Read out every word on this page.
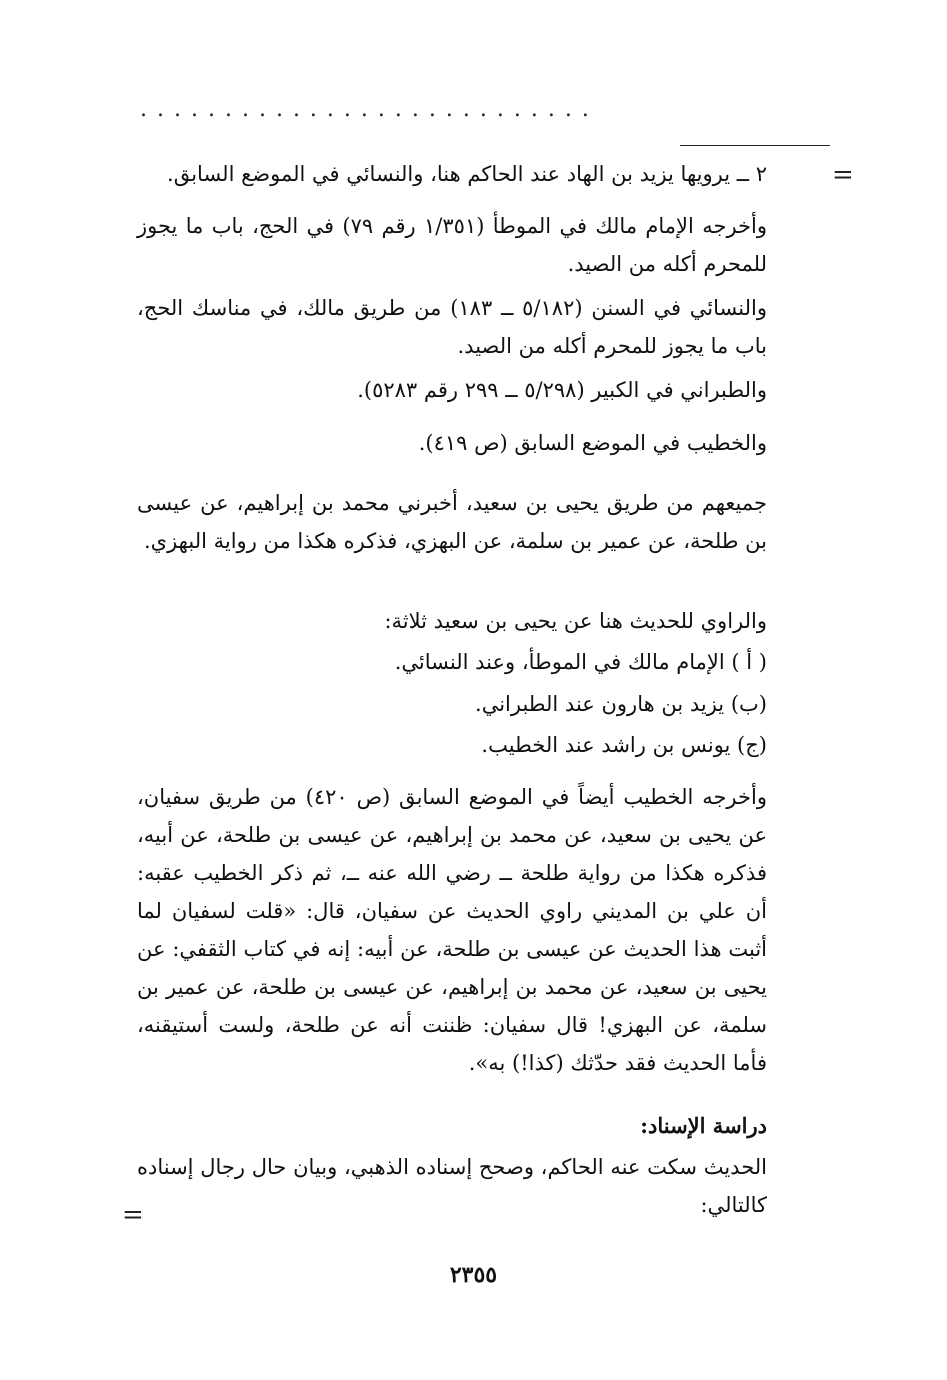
...........................
=

٢ ــ يرويها يزيد بن الهاد عند الحاكم هنا، والنسائي في الموضع السابق.

وأخرجه الإمام مالك في الموطأ (١/٣٥١ رقم ٧٩) في الحج، باب ما يجوز للمحرم أكله من الصيد.

والنسائي في السنن (٥/١٨٢ ــ ١٨٣) من طريق مالك، في مناسك الحج، باب ما يجوز للمحرم أكله من الصيد.

والطبراني في الكبير (٥/٢٩٨ ــ ٢٩٩ رقم ٥٢٨٣).

والخطيب في الموضع السابق (ص ٤١٩).

جميعهم من طريق يحيى بن سعيد، أخبرني محمد بن إبراهيم، عن عيسى بن طلحة، عن عمير بن سلمة، عن البهزي، فذكره هكذا من رواية البهزي.

والراوي للحديث هنا عن يحيى بن سعيد ثلاثة:

( أ ) الإمام مالك في الموطأ، وعند النسائي.

(ب) يزيد بن هارون عند الطبراني.

(ج) يونس بن راشد عند الخطيب.

وأخرجه الخطيب أيضاً في الموضع السابق (ص ٤٢٠) من طريق سفيان، عن يحيى بن سعيد، عن محمد بن إبراهيم، عن عيسى بن طلحة، عن أبيه، فذكره هكذا من رواية طلحة ــ رضي الله عنه ــ، ثم ذكر الخطيب عقبه: أن علي بن المديني راوي الحديث عن سفيان، قال: «قلت لسفيان لما أثبت هذا الحديث عن عيسى بن طلحة، عن أبيه: إنه في كتاب الثقفي: عن يحيى بن سعيد، عن محمد بن إبراهيم، عن عيسى بن طلحة، عن عمير بن سلمة، عن البهزي! قال سفيان: ظننت أنه عن طلحة، ولست أستيقنه، فأما الحديث فقد حدّثك (كذا!) به».

دراسة الإسناد:

الحديث سكت عنه الحاكم، وصحح إسناده الذهبي، وبيان حال رجال إسناده كالتالي:

=
٢٣٥٥
